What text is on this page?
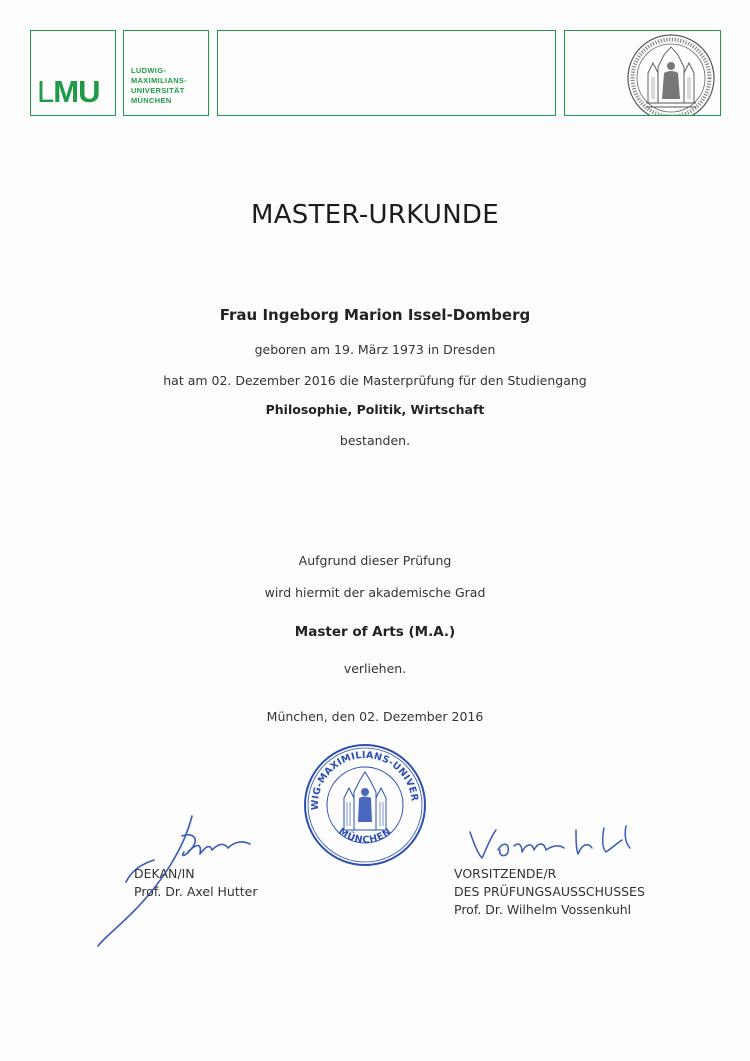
LMU
LUDWIG-
MAXIMILIANS-
UNIVERSITÄT
MÜNCHEN
MASTER-URKUNDE
Frau Ingeborg Marion Issel-Domberg
geboren am 19. März 1973 in Dresden
hat am 02. Dezember 2016 die Masterprüfung für den Studiengang
Philosophie, Politik, Wirtschaft
bestanden.
Aufgrund dieser Prüfung
wird hiermit der akademische Grad
Master of Arts (M.A.)
verliehen.
München, den 02. Dezember 2016
WIG-MAXIMILIANS-UNIVER
MÜNCHEN
DEKAN/IN
Prof. Dr. Axel Hutter
VORSITZENDE/R
DES PRÜFUNGSAUSSCHUSSES
Prof. Dr. Wilhelm Vossenkuhl
